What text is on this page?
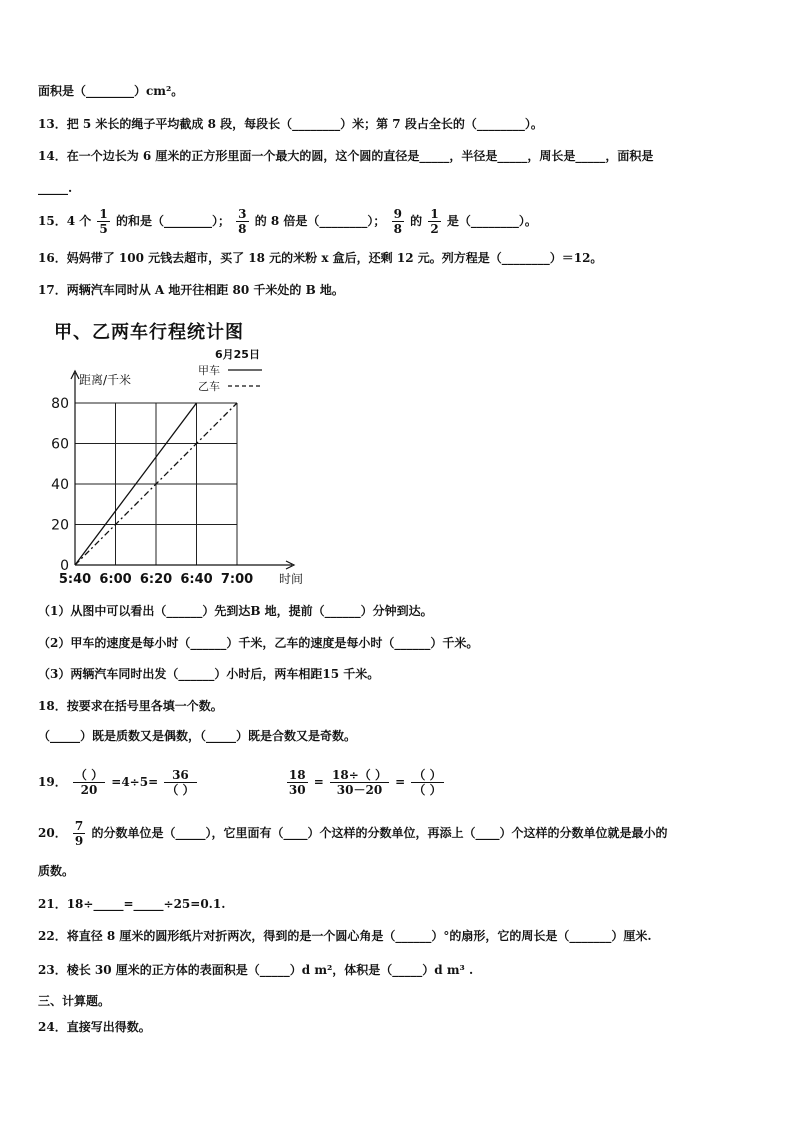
面积是（________）cm²。
13．把 5 米长的绳子平均截成 8 段，每段长（________）米；第 7 段占全长的（________）。
14．在一个边长为 6 厘米的正方形里面一个最大的圆，这个圆的直径是_____，半径是_____，周长是_____，面积是
_____.
15．4 个 $\frac{1}{5}$ 的和是（________）； $\frac{3}{8}$ 的 8 倍是（________）； $\frac{9}{8}$ 的 $\frac{1}{2}$ 是（________）。
16．妈妈带了 100 元钱去超市，买了 18 元的米粉 x 盒后，还剩 12 元。列方程是（________）＝12。
17．两辆汽车同时从 A 地开往相距 80 千米处的 B 地。
甲、乙两车行程统计图
0
20
40
60
80
5:40 6:00 6:20 6:40 7:00
距离/千米
时间
6月25日
甲车
乙车
（1）从图中可以看出（______）先到达B 地，提前（______）分钟到达。
（2）甲车的速度是每小时（______）千米，乙车的速度是每小时（______）千米。
（3）两辆汽车同时出发（______）小时后，两车相距15 千米。
18．按要求在括号里各填一个数。
（_____）既是质数又是偶数，（_____）既是合数又是奇数。
19． $\frac{( )}{20} =4\div 5= \frac{36}{( )}$
	$\frac{18}{30} = \frac{18\div( )}{30-20} = \frac{( )}{( )}$
20． $\frac{7}{9}$ 的分数单位是（_____），它里面有（____）个这样的分数单位，再添上（____）个这样的分数单位就是最小的
质数。
21．18÷_____=_____÷25=0.1.
22．将直径 8 厘米的圆形纸片对折两次，得到的是一个圆心角是（______）°的扇形，它的周长是（_______）厘米.
23．棱长 30 厘米的正方体的表面积是（_____）d m²，体积是（_____）d m³ .
三、计算题。
24．直接写出得数。
